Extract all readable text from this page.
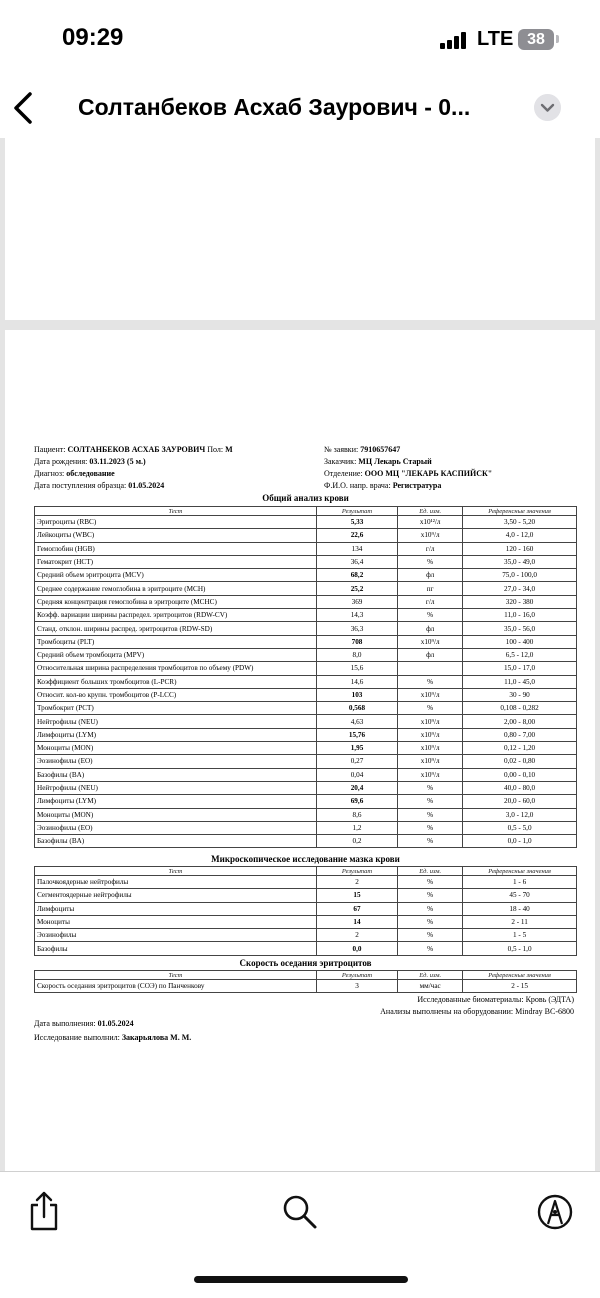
09:29	LTE 38
Солтанбеков Асхаб Заурович - 0...
Пациент: СОЛТАНБЕКОВ АСХАБ ЗАУРОВИЧ Пол: М
Дата рождения: 03.11.2023 (5 м.)
Диагноз: обследование
Дата поступления образца: 01.05.2024
№ заявки: 7910657647
Заказчик: МЦ Лекарь Старый
Отделение: ООО МЦ "ЛЕКАРЬ КАСПИЙСК"
Ф.И.О. напр. врача: Регистратура
Общий анализ крови
Тест	Результат	Ед. изм.	Референсные значения
Эритроциты (RBC)	5,33	x10¹²/л	3,50 - 5,20
Лейкоциты (WBC)	22,6	x10⁹/л	4,0 - 12,0
Гемоглобин (HGB)	134	г/л	120 - 160
Гематокрит (HCT)	36,4	%	35,0 - 49,0
Средний объем эритроцита (MCV)	68,2	фл	75,0 - 100,0
Среднее содержание гемоглобина в эритроците (MCH)	25,2	пг	27,0 - 34,0
Средняя концентрация гемоглобина в эритроците (MCHC)	369	г/л	320 - 380
Коэфф. вариации ширины распредел. эритроцитов (RDW-CV)	14,3	%	11,0 - 16,0
Станд. отклон. ширины распред. эритроцитов (RDW-SD)	36,3	фл	35,0 - 56,0
Тромбоциты (PLT)	708	x10⁹/л	100 - 400
Средний объем тромбоцита (MPV)	8,0	фл	6,5 - 12,0
Относительная ширина распределения тромбоцитов по объему (PDW)	15,6		15,0 - 17,0
Коэффициент больших тромбоцитов (L-PCR)	14,6	%	11,0 - 45,0
Относит. кол-во крупн. тромбоцитов (P-LCC)	103	x10⁹/л	30 - 90
Тромбокрит (PCT)	0,568	%	0,108 - 0,282
Нейтрофилы (NEU)	4,63	x10⁹/л	2,00 - 8,00
Лимфоциты (LYM)	15,76	x10⁹/л	0,80 - 7,00
Моноциты (MON)	1,95	x10⁹/л	0,12 - 1,20
Эозинофилы (EO)	0,27	x10⁹/л	0,02 - 0,80
Базофилы (BA)	0,04	x10⁹/л	0,00 - 0,10
Нейтрофилы (NEU)	20,4	%	40,0 - 80,0
Лимфоциты (LYM)	69,6	%	20,0 - 60,0
Моноциты (MON)	8,6	%	3,0 - 12,0
Эозинофилы (EO)	1,2	%	0,5 - 5,0
Базофилы (BA)	0,2	%	0,0 - 1,0
Микроскопическое исследование мазка крови
Тест	Результат	Ед. изм.	Референсные значения
Палочкоядерные нейтрофилы	2	%	1 - 6
Сегментоядерные нейтрофилы	15	%	45 - 70
Лимфоциты	67	%	18 - 40
Моноциты	14	%	2 - 11
Эозинофилы	2	%	1 - 5
Базофилы	0,0	%	0,5 - 1,0
Скорость оседания эритроцитов
Тест	Результат	Ед. изм.	Референсные значения
Скорость оседания эритроцитов (СОЭ) по Панченкову	3	мм/час	2 - 15
Исследованные биоматериалы: Кровь (ЭДТА)
Анализы выполнены на оборудовании: Mindray BC-6800
Дата выполнения: 01.05.2024
Исследование выполнил: Закарьялова М. М.
